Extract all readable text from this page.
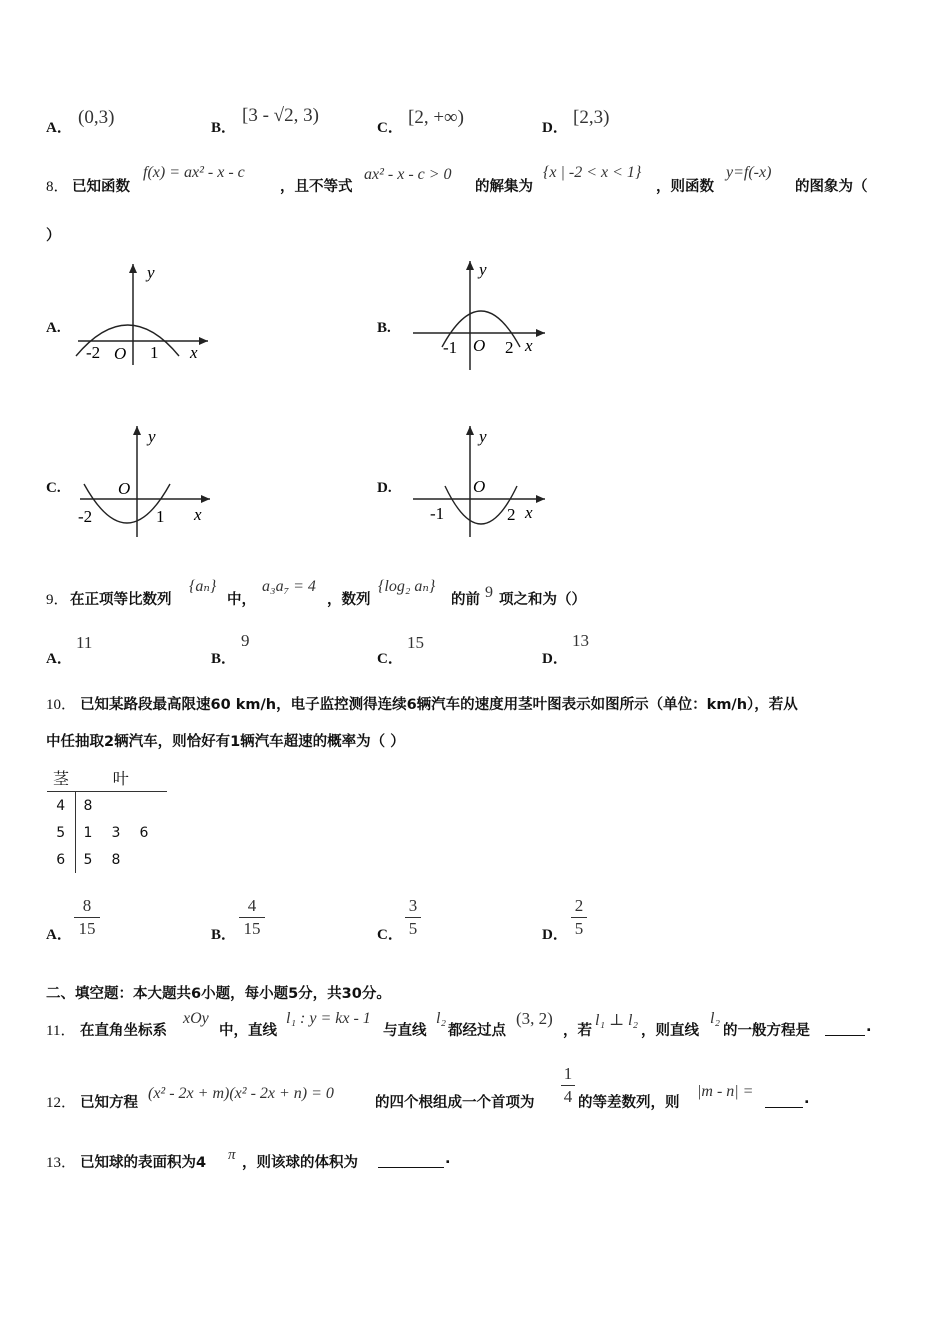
A． (0,3)	B．
[3 - √2, 3)
C． [2, +∞)	D． [2,3)
8． 已知函数
f(x) = ax² - x - c
，且不等式
ax² - x - c > 0
的解集为
{x | -2 < x < 1}
，则函数
y=f(-x)
的图象为（
）
A.
y
x
-2 O 1
B.
y
x
-1 O 2
C.
y
x
-2
O
1
D.
y
x
-1
O
2
9． 在正项等比数列
{aₙ}
中，
a₃a₇ = 4
，数列
{log₂ aₙ}
的前 9 项之和为（）
A．
11
B．
9
C．
15
D．
13
10． 已知某路段最高限速60 km/h，电子监控测得连续6辆汽车的速度用茎叶图表示如图所示（单位：km/h），若从
中任抽取2辆汽车，则恰好有1辆汽车超速的概率为（ ）
茎	叶		
4	8		
5	1	3	6
6	5	8	
A．
8
15	B．
4
15	C．
3
5	D．
2
5
二、填空题：本大题共6小题，每小题5分，共30分。
11． 在直角坐标系
xOy
中，直线
l₁ : y = kx - 1
与直线
l₂
都经过点
(3, 2)
，若
l₁ ⊥ l₂
，则直线
l₂
的一般方程是	.
12． 已知方程
(x² - 2x + m)(x² - 2x + n) = 0
的四个根组成一个首项为
1
4 的等差数列，则
|m - n| =	.
13． 已知球的表面积为4 π ，则该球的体积为	.
